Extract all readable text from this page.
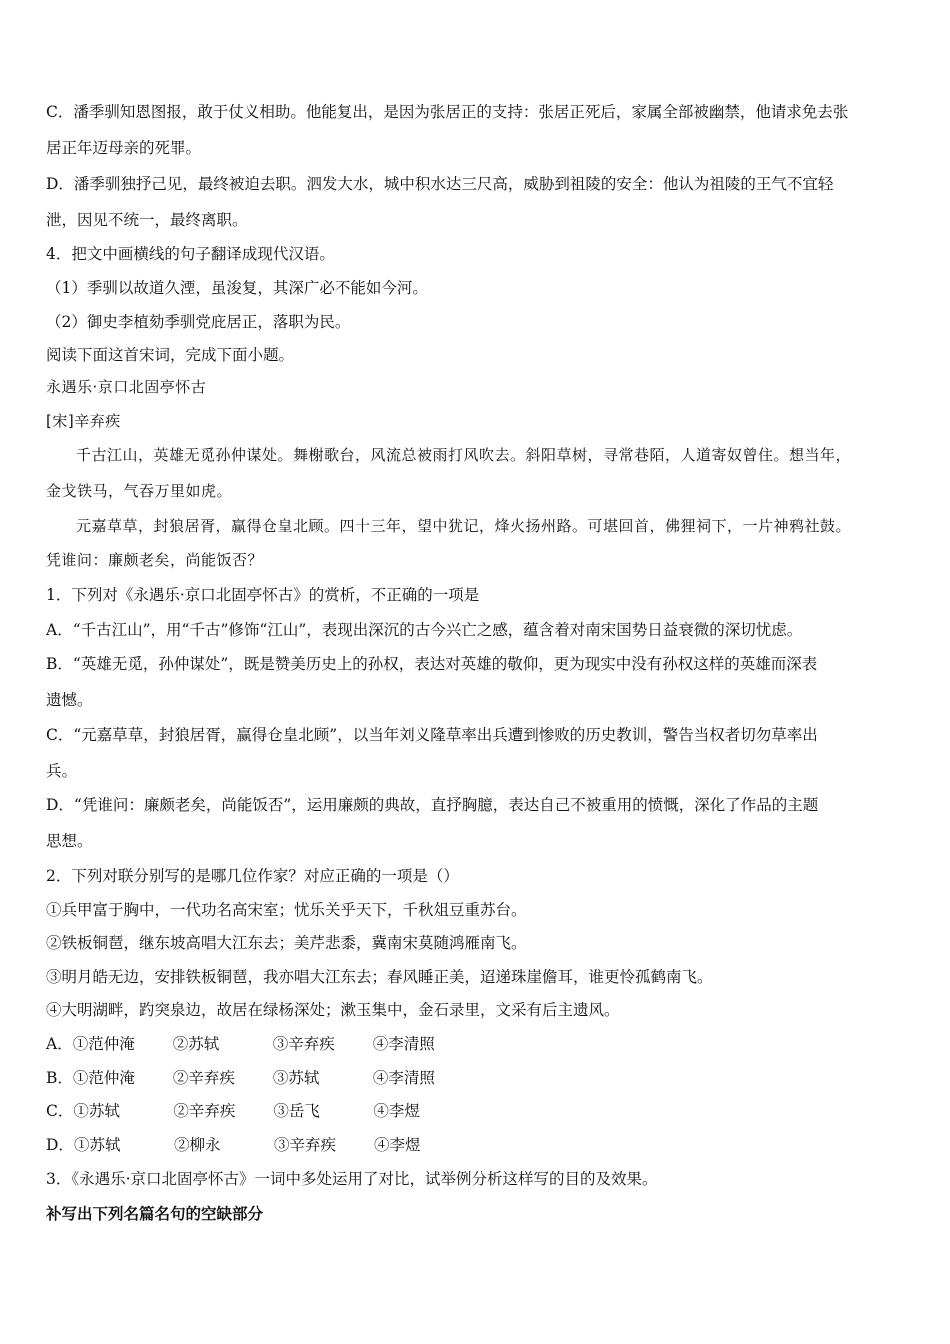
C．潘季驯知恩图报，敢于仗义相助。他能复出，是因为张居正的支持：张居正死后，家属全部被幽禁，他请求免去张
居正年迈母亲的死罪。
D．潘季驯独抒己见，最终被迫去职。泗发大水，城中积水达三尺高，威胁到祖陵的安全：他认为祖陵的王气不宜轻
泄，因见不统一，最终离职。
4．把文中画横线的句子翻译成现代汉语。
（1）季驯以故道久湮，虽浚复，其深广必不能如今河。
（2）御史李植劾季驯党庇居正，落职为民。
阅读下面这首宋词，完成下面小题。
永遇乐·京口北固亭怀古
[宋]辛弃疾
千古江山，英雄无觅孙仲谋处。舞榭歌台，风流总被雨打风吹去。斜阳草树，寻常巷陌，人道寄奴曾住。想当年，
金戈铁马，气吞万里如虎。
元嘉草草，封狼居胥，赢得仓皇北顾。四十三年，望中犹记，烽火扬州路。可堪回首，佛狸祠下，一片神鸦社鼓。
凭谁问：廉颇老矣，尚能饭否？
1．下列对《永遇乐·京口北固亭怀古》的赏析，不正确的一项是
A．“千古江山”，用“千古”修饰“江山”，表现出深沉的古今兴亡之感，蕴含着对南宋国势日益衰微的深切忧虑。
B．“英雄无觅，孙仲谋处”，既是赞美历史上的孙权，表达对英雄的敬仰，更为现实中没有孙权这样的英雄而深表
遗憾。
C．“元嘉草草，封狼居胥，赢得仓皇北顾”，以当年刘义隆草率出兵遭到惨败的历史教训，警告当权者切勿草率出
兵。
D．“凭谁问：廉颇老矣，尚能饭否”，运用廉颇的典故，直抒胸臆，表达自己不被重用的愤慨，深化了作品的主题
思想。
2．下列对联分别写的是哪几位作家？对应正确的一项是（）
①兵甲富于胸中，一代功名高宋室；忧乐关乎天下，千秋俎豆重苏台。
②铁板铜琶，继东坡高唱大江东去；美芹悲黍，冀南宋莫随鸿雁南飞。
③明月皓无边，安排铁板铜琶，我亦唱大江东去；春风睡正美，迢递珠崖儋耳，谁更怜孤鹤南飞。
④大明湖畔，趵突泉边，故居在绿杨深处；漱玉集中，金石录里，文采有后主遗风。
A．①范仲淹 ②苏轼	③辛弃疾 ④李清照
B．①范仲淹 ②辛弃疾 ③苏轼	④李清照
C．①苏轼	②辛弃疾 ③岳飞	④李煜
D．①苏轼	②柳永	③辛弃疾 ④李煜
3．《永遇乐·京口北固亭怀古》一词中多处运用了对比，试举例分析这样写的目的及效果。
补写出下列名篇名句的空缺部分
